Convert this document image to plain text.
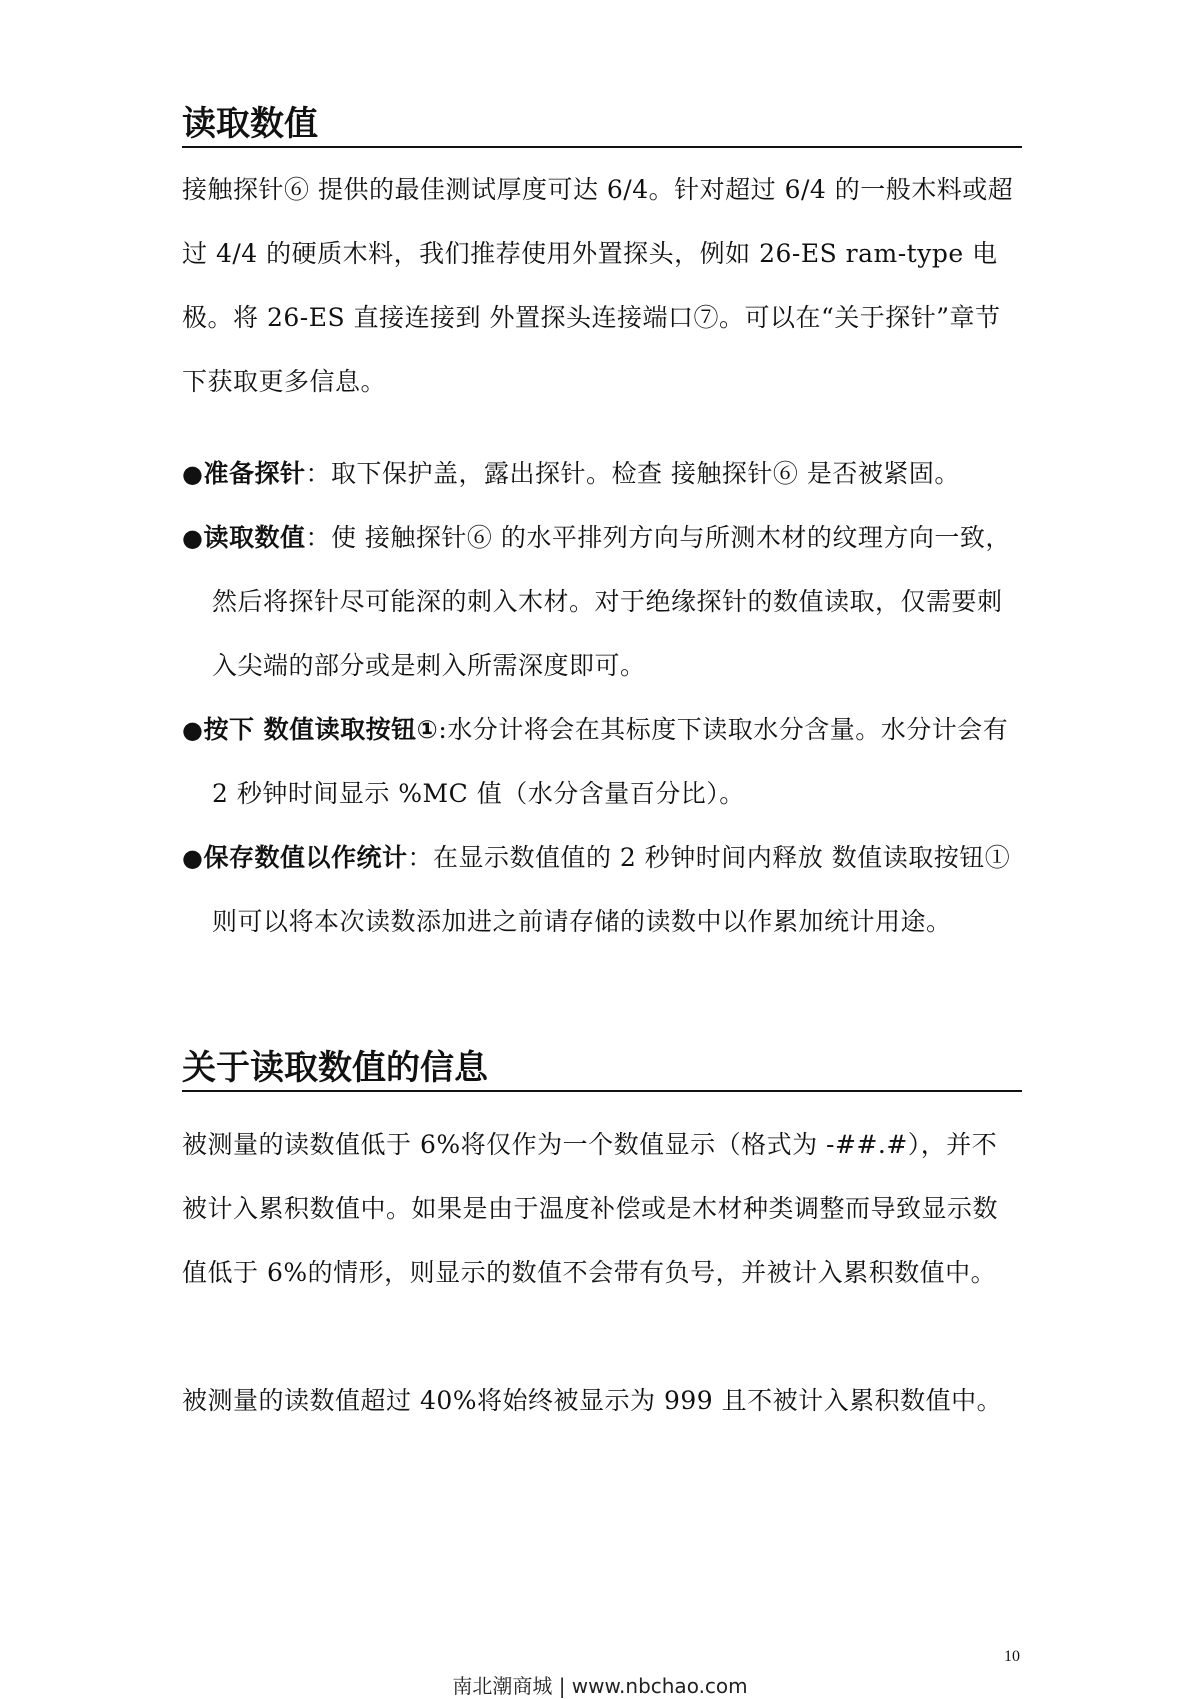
读取数值

接触探针⑥ 提供的最佳测试厚度可达 6/4。针对超过 6/4 的一般木料或超过 4/4 的硬质木料，我们推荐使用外置探头，例如 26-ES ram-type 电极。将 26-ES 直接连接到 外置探头连接端口⑦。可以在“关于探针”章节下获取更多信息。

●准备探针：取下保护盖，露出探针。检查 接触探针⑥ 是否被紧固。
●读取数值：使 接触探针⑥ 的水平排列方向与所测木材的纹理方向一致，然后将探针尽可能深的刺入木材。对于绝缘探针的数值读取，仅需要刺入尖端的部分或是刺入所需深度即可。
●按下 数值读取按钮①:水分计将会在其标度下读取水分含量。水分计会有 2 秒钟时间显示 %MC 值（水分含量百分比）。
●保存数值以作统计：在显示数值值的 2 秒钟时间内释放 数值读取按钮① 则可以将本次读数添加进之前请存储的读数中以作累加统计用途。
关于读取数值的信息

被测量的读数值低于 6%将仅作为一个数值显示（格式为 -##.#），并不被计入累积数值中。如果是由于温度补偿或是木材种类调整而导致显示数值低于 6%的情形，则显示的数值不会带有负号，并被计入累积数值中。

被测量的读数值超过 40%将始终被显示为 999 且不被计入累积数值中。

10
南北潮商城 | www.nbchao.com
